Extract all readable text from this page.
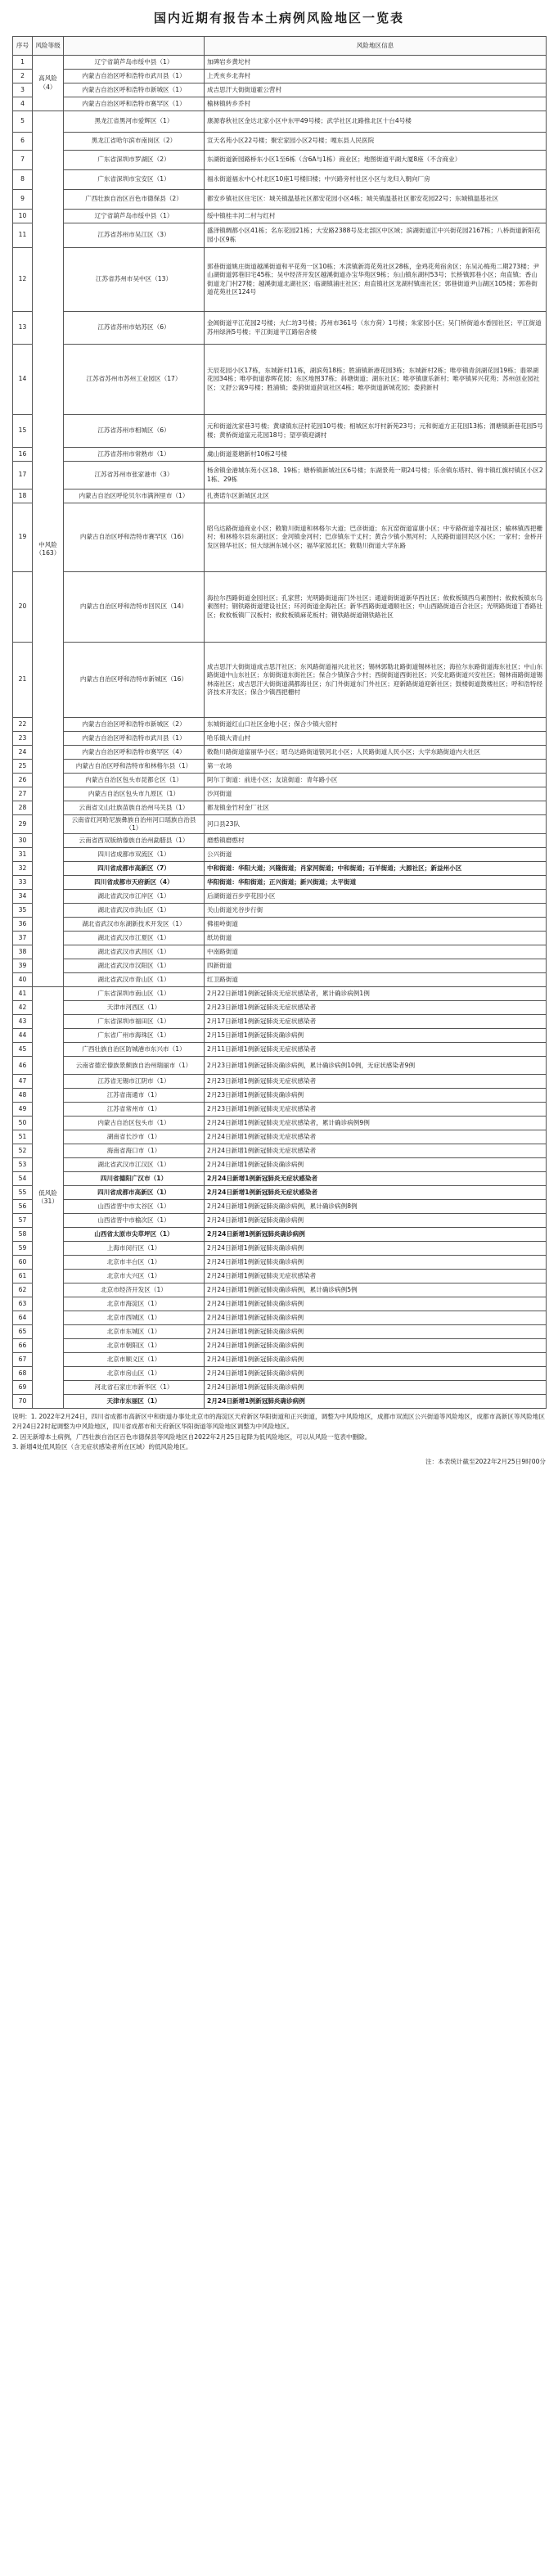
国内近期有报告本土病例风险地区一览表
序号	风险等级		风险地区信息
1	高风险（4）	辽宁省葫芦岛市绥中县（1）	加碑岩乡黄坨村
2		内蒙古自治区呼和浩特市武川县（1）	上秃亥乡北奔村
3		内蒙古自治区呼和浩特市新城区（1）	成吉思汗大街街道霍公营村
4		内蒙古自治区呼和浩特市赛罕区（1）	榆林镇转乡乔村
5	中风险（163）	黑龙江省黑河市爱辉区（1）	康源春秋社区金达北家小区中东甲49号楼；武学社区北路推北区十台4号楼
6		黑龙江省哈尔滨市南岗区（2）	宣天名苑小区22号楼；聚宏家园小区2号楼；嘎东县人民医院
7		广东省深圳市罗湖区（2）	东湖街道新园路桥东小区1至6栋（含6A与1栋）商业区；地图街道平湖大厦8座（不含商业）
8		广东省深圳市宝安区（1）	福永街道福永中心村北区10座1号楼旧楼；中兴路旁村社区小区与龙归入朝向厂房
9		广西壮族自治区百色市德保县（2）	都安乡镇社区住宅区：城关镇温基社区都安花园小区4栋；城关镇温基社区都安花园22号；东城镇温基社区
10		辽宁省葫芦岛市绥中县（1）	绥中镇桂丰河二村与红村
11		江苏省苏州市吴江区（3）	盛泽镇绸都小区41栋；名东花园21栋；大安路2388号及北部区中区域；滨湖街道江中兴街花园2167栋；八桥街道新阳花园小区9栋
12		江苏省苏州市吴中区（13）	郭巷街道姚庄街道越溪街道和平花苑一区10栋；木渎镇新湾花苑社区28栋，金鸡花苑宿舍区；东吴沁梅苑二期273楼；尹山湖街道郭巷旧宅45栋；吴中经济开发区越溪街道办宝华苑区9栋；东山镇东湖村53号；长桥镇郭巷小区；甪直镇；香山街道龙门村27楼；越溪街道北湖社区；临湖镇浦庄社区；甪直镇社区龙湖村镇南社区；郭巷街道尹山湖区105楼；郭巷街道花苑社区124号
13		江苏省苏州市姑苏区（6）	金阊街道平江花园2号楼；大仁坊3号楼；苏州市361号（东方荷）1号楼；朱家园小区；吴门桥街道水香园社区；平江街道苏州绿洲5号楼；平江街道平江路宿舍楼
14		江苏省苏州市苏州工业园区（17）	天辰花园小区17栋，东城新村11栋，湖滨苑18栋；胜浦镇新港花园3栋；东城新村2栋；唯亭镇青剑湖花园19栋；翡翠湖花园34栋；唯亭街道春晖花园；东区地图37栋；斜塘街道；湖东社区；唯亭镇康乐新村；唯亭镇昇兴花苑；苏州创业园社区；文舒公寓9号楼；胜浦镇；娄葑街道葑谊社区4栋；唯亭街道新城花园；娄葑新村
15		江苏省苏州市相城区（6）	元和街道沈家巷3号楼；黄埭镇东泾村花园10号楼；相城区东圩村新苑23号；元和街道方正花园13栋；渭塘镇新巷花园5号楼；黄桥街道富元花园18号；望亭镇迎湖村
16		江苏省苏州市常熟市（1）	虞山街道菱塘新村10栋2号楼
17		江苏省苏州市张家港市（3）	杨舍镇金港城东苑小区18、19栋；塘桥镇新城社区6号楼；东湖景苑一期24号楼；乐余镇东塔村、锦丰镇红旗村镇区小区21栋、29栋
18		内蒙古自治区呼伦贝尔市满洲里市（1）	扎赉诺尔区新城区北区
19		内蒙古自治区呼和浩特市赛罕区（16）	昭乌达路街道商业小区；敕勒川街道和林格尔大道；巴彦街道；东瓦窑街道富康小区；中专路街道幸福社区；榆林镇西把栅村；和林格尔县东湖社区；金河镇金河村；巴彦镇东干丈村；黄合少镇小黑河村；人民路街道回民区小区；一家村；金桥开发区锦华社区；恒大绿洲东城小区；福华家园北区；敕勒川街道大学东路
20		内蒙古自治区呼和浩特市回民区（14）	海拉尔西路街道金园社区；孔家营；光明路街道南门外社区；通道街街道新华西社区；攸攸板镇西乌素图村；攸攸板镇东乌素图村；钢铁路街道建设社区；环河街道金海社区；新华西路街道通顺社区；中山西路街道百合社区；光明路街道丁香路社区；攸攸板镇厂汉板村；攸攸板镇麻花板村；钢铁路街道钢铁路社区
21		内蒙古自治区呼和浩特市新城区（16）	成吉思汗大街街道成吉思汗社区；东风路街道福兴北社区；锡林郭勒北路街道锡林社区；海拉尔东路街道海东社区；中山东路街道中山东社区；东街街道东街社区；保合少镇保合少村；西街街道西街社区；兴安北路街道兴安社区；锡林南路街道锡林南社区；成吉思汗大街街道满都海社区；东门外街道东门外社区；迎新路街道迎新社区；鼓楼街道鼓楼社区；呼和浩特经济技术开发区；保合少镇西把栅村
22		内蒙古自治区呼和浩特市新城区（2）	东城街道红山口社区金地小区；保合少镇大窑村
23		内蒙古自治区呼和浩特市武川县（1）	哈乐镇大青山村
24		内蒙古自治区呼和浩特市赛罕区（4）	敕勒川路街道富丽华小区；昭乌达路街道银河北小区；人民路街道人民小区；大学东路街道内大社区
25		内蒙古自治区呼和浩特市和林格尔县（1）	第一农场
26		内蒙古自治区包头市昆都仑区（1）	阿尔丁街道：前进小区；友谊街道：青年路小区
27		内蒙古自治区包头市九原区（1）	沙河街道
28		云南省文山壮族苗族自治州马关县（1）	都龙镇金竹村金厂社区
29		云南省红河哈尼族彝族自治州河口瑶族自治县（1）	河口县23队
30		云南省西双版纳傣族自治州勐腊县（1）	磨憨镇磨憨村
31		四川省成都市双流区（1）	公兴街道
32		四川省成都市高新区（7）	中和街道：华阳大道；兴隆街道；肖家河街道；中和街道；石羊街道；大源社区；新益州小区
33		四川省成都市天府新区（4）	华阳街道：华阳街道；正兴街道；新兴街道；太平街道
34		湖北省武汉市江岸区（1）	后湖街道百步亭花园小区
35		湖北省武汉市洪山区（1）	关山街道光谷步行街
36		湖北省武汉市东湖新技术开发区（1）	佛祖岭街道
37		湖北省武汉市江夏区（1）	纸坊街道
38		湖北省武汉市武昌区（1）	中南路街道
39		湖北省武汉市汉阳区（1）	四新街道
40		湖北省武汉市青山区（1）	红卫路街道
41	低风险（31）	广东省深圳市南山区（1）	2月22日新增1例新冠肺炎无症状感染者，累计确诊病例1例
42		天津市河西区（1）	2月23日新增1例新冠肺炎无症状感染者
43		广东省深圳市福田区（1）	2月17日新增1例新冠肺炎无症状感染者
44		广东省广州市海珠区（1）	2月15日新增1例新冠肺炎确诊病例
45		广西壮族自治区防城港市东兴市（1）	2月11日新增1例新冠肺炎无症状感染者
46		云南省德宏傣族景颇族自治州瑞丽市（1）	2月23日新增1例新冠肺炎确诊病例，累计确诊病例10例，无症状感染者9例
47		江苏省无锡市江阴市（1）	2月23日新增1例新冠肺炎无症状感染者
48		江苏省南通市（1）	2月23日新增1例新冠肺炎确诊病例
49		江苏省常州市（1）	2月23日新增1例新冠肺炎无症状感染者
50		内蒙古自治区包头市（1）	2月24日新增1例新冠肺炎无症状感染者，累计确诊病例9例
51		湖南省长沙市（1）	2月24日新增1例新冠肺炎无症状感染者
52		海南省海口市（1）	2月24日新增1例新冠肺炎无症状感染者
53		湖北省武汉市江汉区（1）	2月24日新增1例新冠肺炎确诊病例
54		四川省德阳广汉市（1）	2月24日新增1例新冠肺炎无症状感染者
55		四川省成都市高新区（1）	2月24日新增1例新冠肺炎无症状感染者
56		山西省晋中市太谷区（1）	2月24日新增1例新冠肺炎确诊病例，累计确诊病例8例
57		山西省晋中市榆次区（1）	2月24日新增1例新冠肺炎确诊病例
58		山西省太原市尖草坪区（1）	2月24日新增1例新冠肺炎确诊病例
59		上海市闵行区（1）	2月24日新增1例新冠肺炎确诊病例
60		北京市丰台区（1）	2月24日新增1例新冠肺炎确诊病例
61		北京市大兴区（1）	2月24日新增1例新冠肺炎无症状感染者
62		北京市经济开发区（1）	2月24日新增1例新冠肺炎确诊病例，累计确诊病例5例
63		北京市海淀区（1）	2月24日新增1例新冠肺炎确诊病例
64		北京市西城区（1）	2月24日新增1例新冠肺炎确诊病例
65		北京市东城区（1）	2月24日新增1例新冠肺炎确诊病例
66		北京市朝阳区（1）	2月24日新增1例新冠肺炎确诊病例
67		北京市顺义区（1）	2月24日新增1例新冠肺炎确诊病例
68		北京市房山区（1）	2月24日新增1例新冠肺炎确诊病例
69		河北省石家庄市新华区（1）	2月24日新增1例新冠肺炎确诊病例
70		天津市东丽区（1）	2月24日新增1例新冠肺炎确诊病例

说明：1. 2022年2月24日，四川省成都市高新区中和街道办事处北京市的海淀区天府新区华阳街道和正兴街道，调整为中风险地区，成都市双流区公兴街道等风险地区，成都市高新区等风险地区2月24日22时起调整为中风险地区，四川省成都市和天府新区华阳街道等风险地区调整为中风险地区。

2. 因无新增本土病例，广西壮族自治区百色市德保县等风险地区自2022年2月25日起降为低风险地区，可以从风险一览表中删除。

3. 新增4处低风险区（含无症状感染者所在区域）的低风险地区。

注：本表统计截至2022年2月25日9时00分
